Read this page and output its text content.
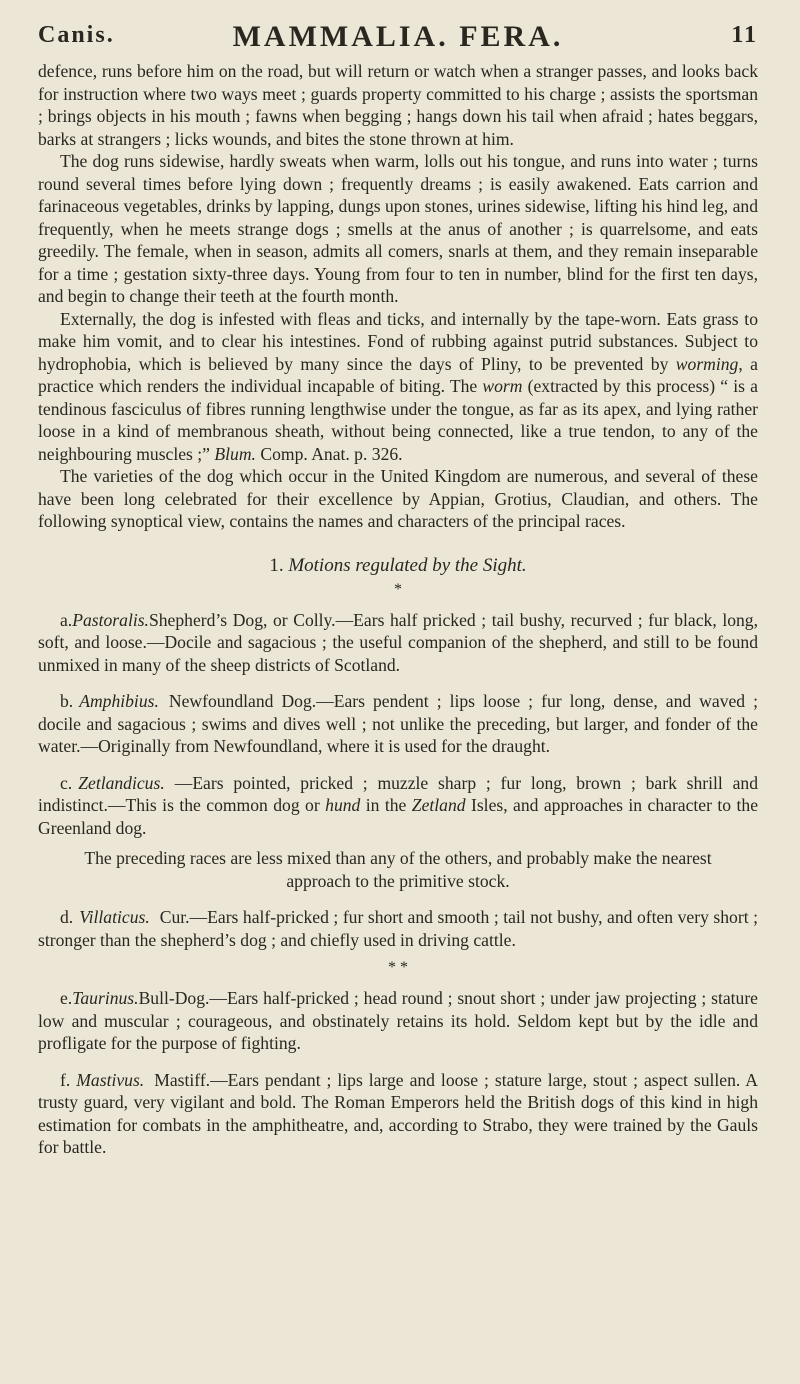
Canis.	MAMMALIA. FERA.	11

defence, runs before him on the road, but will return or watch when a stranger passes, and looks back for instruction where two ways meet ; guards property committed to his charge ; assists the sportsman ; brings objects in his mouth ; fawns when begging ; hangs down his tail when afraid ; hates beggars, barks at strangers ; licks wounds, and bites the stone thrown at him.

The dog runs sidewise, hardly sweats when warm, lolls out his tongue, and runs into water ; turns round several times before lying down ; frequently dreams ; is easily awakened. Eats carrion and farinaceous vegetables, drinks by lapping, dungs upon stones, urines sidewise, lifting his hind leg, and frequently, when he meets strange dogs ; smells at the anus of another ; is quarrelsome, and eats greedily. The female, when in season, admits all comers, snarls at them, and they remain inseparable for a time ; gestation sixty-three days. Young from four to ten in number, blind for the first ten days, and begin to change their teeth at the fourth month.

Externally, the dog is infested with fleas and ticks, and internally by the tape-worn. Eats grass to make him vomit, and to clear his intestines. Fond of rubbing against putrid substances. Subject to hydrophobia, which is believed by many since the days of Pliny, to be prevented by worming, a practice which renders the individual incapable of biting. The worm (extracted by this process) “ is a tendinous fasciculus of fibres running lengthwise under the tongue, as far as its apex, and lying rather loose in a kind of membranous sheath, without being connected, like a true tendon, to any of the neighbouring muscles ;” Blum. Comp. Anat. p. 326.

The varieties of the dog which occur in the United Kingdom are numerous, and several of these have been long celebrated for their excellence by Appian, Grotius, Claudian, and others. The following synoptical view, contains the names and characters of the principal races.

1. Motions regulated by the Sight.
*

a.Pastoralis.Shepherd’s Dog, or Colly.—Ears half pricked ; tail bushy, recurved ; fur black, long, soft, and loose.—Docile and sagacious ; the useful companion of the shepherd, and still to be found unmixed in many of the sheep districts of Scotland.

b. Amphibius. Newfoundland Dog.—Ears pendent ; lips loose ; fur long, dense, and waved ; docile and sagacious ; swims and dives well ; not unlike the preceding, but larger, and fonder of the water.—Originally from Newfoundland, where it is used for the draught.

c. Zetlandicus. —Ears pointed, pricked ; muzzle sharp ; fur long, brown ; bark shrill and indistinct.—This is the common dog or hund in the Zetland Isles, and approaches in character to the Greenland dog.

The preceding races are less mixed than any of the others, and probably make the nearest approach to the primitive stock.

d. Villaticus. Cur.—Ears half-pricked ; fur short and smooth ; tail not bushy, and often very short ; stronger than the shepherd’s dog ; and chiefly used in driving cattle.

* *

e.Taurinus.Bull-Dog.—Ears half-pricked ; head round ; snout short ; under jaw projecting ; stature low and muscular ; courageous, and obstinately retains its hold. Seldom kept but by the idle and profligate for the purpose of fighting.

f. Mastivus. Mastiff.—Ears pendant ; lips large and loose ; stature large, stout ; aspect sullen. A trusty guard, very vigilant and bold. The Roman Emperors held the British dogs of this kind in high estimation for combats in the amphitheatre, and, according to Strabo, they were trained by the Gauls for battle.
